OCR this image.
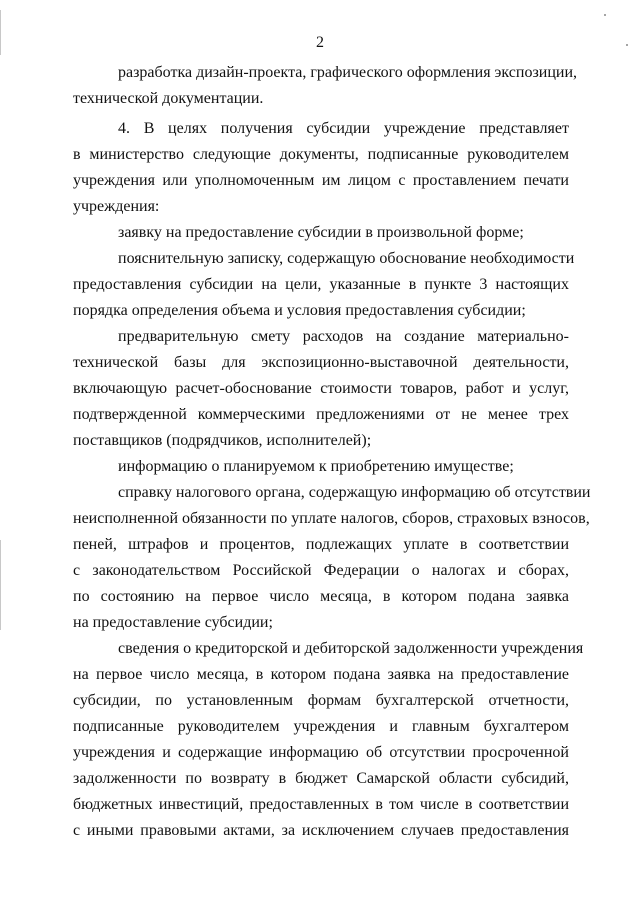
2
разработка дизайн-проекта, графического оформления экспозиции,
технической документации.
4. В целях получения субсидии учреждение представляет
в министерство следующие документы, подписанные руководителем
учреждения или уполномоченным им лицом с проставлением печати
учреждения:
заявку на предоставление субсидии в произвольной форме;
пояснительную записку, содержащую обоснование необходимости
предоставления субсидии на цели, указанные в пункте 3 настоящих
порядка определения объема и условия предоставления субсидии;
предварительную смету расходов на создание материально-
технической базы для экспозиционно-выставочной деятельности,
включающую расчет-обоснование стоимости товаров, работ и услуг,
подтвержденной коммерческими предложениями от не менее трех
поставщиков (подрядчиков, исполнителей);
информацию о планируемом к приобретению имуществе;
справку налогового органа, содержащую информацию об отсутствии
неисполненной обязанности по уплате налогов, сборов, страховых взносов,
пеней, штрафов и процентов, подлежащих уплате в соответствии
с законодательством Российской Федерации о налогах и сборах,
по состоянию на первое число месяца, в котором подана заявка
на предоставление субсидии;
сведения о кредиторской и дебиторской задолженности учреждения
на первое число месяца, в котором подана заявка на предоставление
субсидии, по установленным формам бухгалтерской отчетности,
подписанные руководителем учреждения и главным бухгалтером
учреждения и содержащие информацию об отсутствии просроченной
задолженности по возврату в бюджет Самарской области субсидий,
бюджетных инвестиций, предоставленных в том числе в соответствии
с иными правовыми актами, за исключением случаев предоставления
